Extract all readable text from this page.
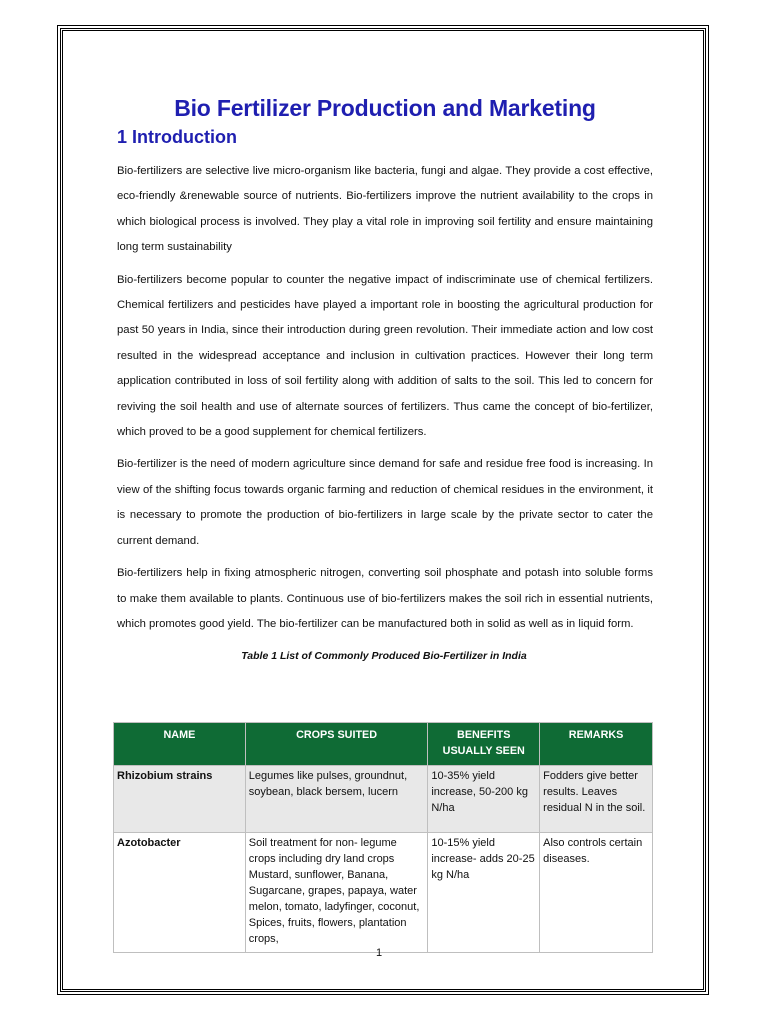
Bio Fertilizer Production and Marketing
1 Introduction

Bio-fertilizers are selective live micro-organism like bacteria, fungi and algae. They provide a cost effective, eco-friendly &renewable source of nutrients. Bio-fertilizers improve the nutrient availability to the crops in which biological process is involved. They play a vital role in improving soil fertility and ensure maintaining long term sustainability

Bio-fertilizers become popular to counter the negative impact of indiscriminate use of chemical fertilizers. Chemical fertilizers and pesticides have played a important role in boosting the agricultural production for past 50 years in India, since their introduction during green revolution. Their immediate action and low cost resulted in the widespread acceptance and inclusion in cultivation practices. However their long term application contributed in loss of soil fertility along with addition of salts to the soil. This led to concern for reviving the soil health and use of alternate sources of fertilizers. Thus came the concept of bio-fertilizer, which proved to be a good supplement for chemical fertilizers.

Bio-fertilizer is the need of modern agriculture since demand for safe and residue free food is increasing. In view of the shifting focus towards organic farming and reduction of chemical residues in the environment, it is necessary to promote the production of bio-fertilizers in large scale by the private sector to cater the current demand.

Bio-fertilizers help in fixing atmospheric nitrogen, converting soil phosphate and potash into soluble forms to make them available to plants. Continuous use of bio-fertilizers makes the soil rich in essential nutrients, which promotes good yield. The bio-fertilizer can be manufactured both in solid as well as in liquid form.

Table 1 List of Commonly Produced Bio-Fertilizer in India

NAME	CROPS SUITED	BENEFITS USUALLY SEEN	REMARKS
Rhizobium strains	Legumes like pulses, groundnut, soybean, black bersem, lucern	10-35% yield increase, 50-200 kg N/ha	Fodders give better results. Leaves residual N in the soil.
Azotobacter	Soil treatment for non- legume crops including dry land crops Mustard, sunflower, Banana, Sugarcane, grapes, papaya, water melon, tomato, ladyfinger, coconut, Spices, fruits, flowers, plantation crops,	10-15% yield increase- adds 20-25 kg N/ha	Also controls certain diseases.
1
